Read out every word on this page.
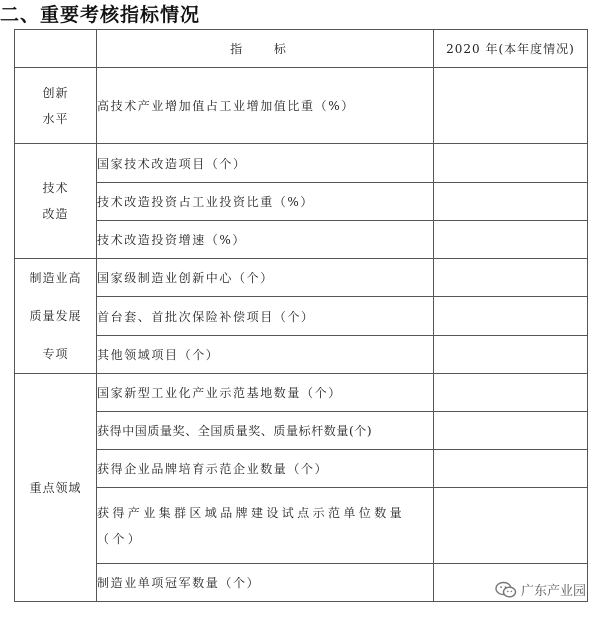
二、重要考核指标情况
	指 标	2020 年(本年度情况)

创新
水平	高技术产业增加值占工业增加值比重（%）	

技术
改造	国家技术改造项目（个）	
	技术改造投资占工业投资比重（%）	
	技术改造投资增速（%）	

制造业高
质量发展
专项	国家级制造业创新中心（个）	
	首台套、首批次保险补偿项目（个）	
	其他领域项目（个）	

重点领域	国家新型工业化产业示范基地数量（个）	
	获得中国质量奖、全国质量奖、质量标杆数量(个)	
	获得企业品牌培育示范企业数量（个）	
	获得产业集群区域品牌建设试点示范单位数量（个）	
	制造业单项冠军数量（个）	
广东产业园
